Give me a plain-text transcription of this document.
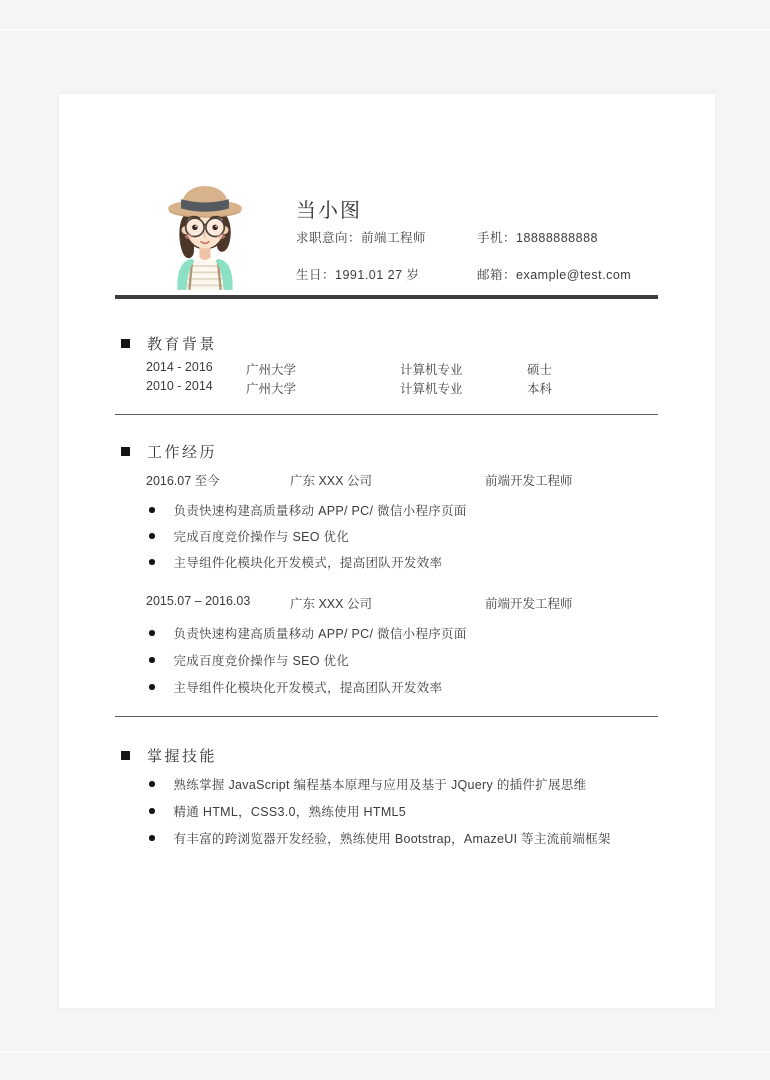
当小图
求职意向：前端工程师	手机：18888888888
生日：1991.01 27 岁	邮箱：example@test.com
教育背景
2014 - 2016	广州大学	计算机专业	硕士
2010 - 2014	广州大学	计算机专业	本科
工作经历
2016.07 至今	广东 XXX 公司	前端开发工程师
负责快速构建高质量移动 APP/ PC/ 微信小程序页面
完成百度竞价操作与 SEO 优化
主导组件化模块化开发模式，提高团队开发效率
2015.07 – 2016.03	广东 XXX 公司	前端开发工程师
负责快速构建高质量移动 APP/ PC/ 微信小程序页面
完成百度竞价操作与 SEO 优化
主导组件化模块化开发模式，提高团队开发效率
掌握技能
熟练掌握 JavaScript 编程基本原理与应用及基于 JQuery 的插件扩展思维
精通 HTML，CSS3.0，熟练使用 HTML5
有丰富的跨浏览器开发经验，熟练使用 Bootstrap，AmazeUI 等主流前端框架
